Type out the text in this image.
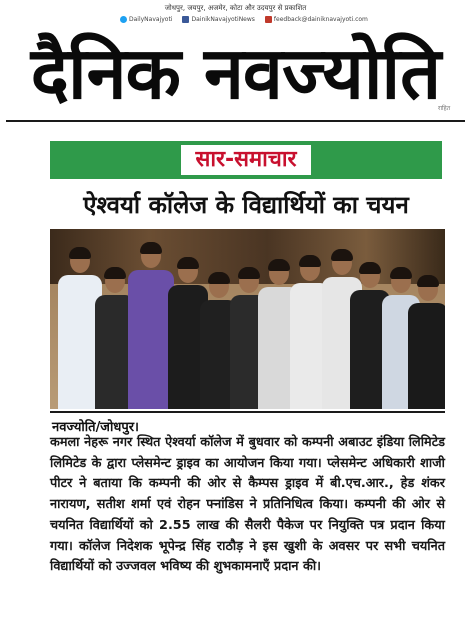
जोधपुर, जयपुर, अजमेर, कोटा और उदयपुर से प्रकाशित
DailyNavajyoti	DainikNavajyotiNews	feedback@dainiknavajyoti.com
दैनिक नवज्योति
राहित
सार-समाचार
ऐश्वर्या कॉलेज के विद्यार्थियों का चयन
नवज्योति/जोधपुर।
कमला नेहरू नगर स्थित ऐश्वर्या कॉलेज में बुधवार को कम्पनी अबाउट इंडिया लिमिटेड लिमिटेड के द्वारा प्लेसमेन्ट ड्राइव का आयोजन किया गया। प्लेसमेन्ट अधिकारी शाजी पीटर ने बताया कि कम्पनी की ओर से कैम्पस ड्राइव में बी.एच.आर., हेड शंकर नारायण, सतीश शर्मा एवं रोहन फ्नांडिस ने प्रतिनिधित्व किया। कम्पनी की ओर से चयनित विद्यार्थियों को 2.55 लाख की सैलरी पैकेज पर नियुक्ति पत्र प्रदान किया गया। कॉलेज निदेशक भूपेन्द्र सिंह राठौड़ ने इस खुशी के अवसर पर सभी चयनित विद्यार्थियों को उज्जवल भविष्य की शुभकामनाएँ प्रदान की।
